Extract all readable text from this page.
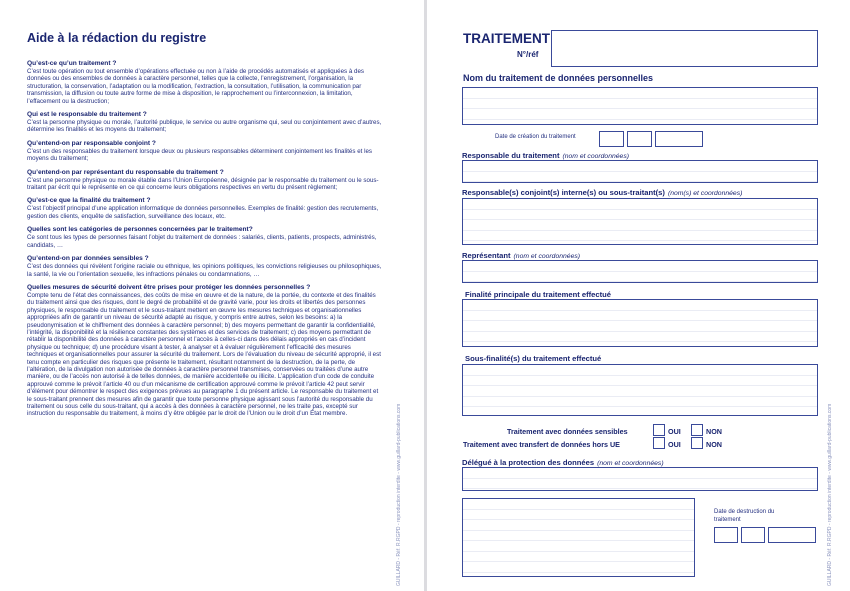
Aide à la rédaction du registre
Qu’est-ce qu’un traitement ?
C’est toute opération ou tout ensemble d’opérations effectuée ou non à l’aide de procédés automatisés et appliquées à des données ou des ensembles de données à caractère personnel, telles que la collecte, l’enregistrement, l’organisation, la structuration, la conservation, l’adaptation ou la modification, l’extraction, la consultation, l’utilisation, la communication par transmission, la diffusion ou toute autre forme de mise à disposition, le rapprochement ou l’interconnexion, la limitation, l’effacement ou la destruction;
Qui est le responsable du traitement ?
C’est la personne physique ou morale, l’autorité publique, le service ou autre organisme qui, seul ou conjointement avec d’autres, détermine les finalités et les moyens du traitement;
Qu’entend-on par responsable conjoint ?
C’est un des responsables du traitement lorsque deux ou plusieurs responsables déterminent conjointement les finalités et les moyens du traitement;
Qu’entend-on par représentant du responsable du traitement ?
C’est une personne physique ou morale établie dans l’Union Européenne, désignée par le responsable du traitement ou le sous-traitant par écrit qui le représente en ce qui concerne leurs obligations respectives en vertu du présent règlement;
Qu’est-ce que la finalité du traitement ?
C’est l’objectif principal d’une application informatique de données personnelles. Exemples de finalité: gestion des recrutements, gestion des clients, enquête de satisfaction, surveillance des locaux, etc.
Quelles sont les catégories de personnes concernées par le traitement?
Ce sont tous les types de personnes faisant l’objet du traitement de données : salariés, clients, patients, prospects, administrés, candidats, …
Qu’entend-on par données sensibles ?
C’est des données qui révèlent l’origine raciale ou ethnique, les opinions politiques, les convictions religieuses ou philosophiques, la santé, la vie ou l’orientation sexuelle, les infractions pénales ou condamnations, …
Quelles mesures de sécurité doivent être prises pour protéger les données personnelles ?
Compte tenu de l’état des connaissances, des coûts de mise en œuvre et de la nature, de la portée, du contexte et des finalités du traitement ainsi que des risques, dont le degré de probabilité et de gravité varie, pour les droits et libertés des personnes physiques, le responsable du traitement et le sous-traitant mettent en œuvre les mesures techniques et organisationnelles appropriées afin de garantir un niveau de sécurité adapté au risque, y compris entre autres, selon les besoins: a) la pseudonymisation et le chiffrement des données à caractère personnel; b) des moyens permettant de garantir la confidentialité, l’intégrité, la disponibilité et la résilience constantes des systèmes et des services de traitement; c) des moyens permettant de rétablir la disponibilité des données à caractère personnel et l’accès à celles-ci dans des délais appropriés en cas d’incident physique ou technique; d) une procédure visant à tester, à analyser et à évaluer régulièrement l’efficacité des mesures techniques et organisationnelles pour assurer la sécurité du traitement. Lors de l’évaluation du niveau de sécurité approprié, il est tenu compte en particulier des risques que présente le traitement, résultant notamment de la destruction, de la perte, de l’altération, de la divulgation non autorisée de données à caractère personnel transmises, conservées ou traitées d’une autre manière, ou de l’accès non autorisé à de telles données, de manière accidentelle ou illicite. L’application d’un code de conduite approuvé comme le prévoit l’article 40 ou d’un mécanisme de certification approuvé comme le prévoit l’article 42 peut servir d’élément pour démontrer le respect des exigences prévues au paragraphe 1 du présent article. Le responsable du traitement et le sous-traitant prennent des mesures afin de garantir que toute personne physique agissant sous l’autorité du responsable du traitement ou sous celle du sous-traitant, qui a accès à des données à caractère personnel, ne les traite pas, excepté sur instruction du responsable du traitement, à moins d’y être obligée par le droit de l’Union ou le droit d’un État membre.	GUILLARD - Réf. R.RGPD - reproduction interdite - www.guillard-publications.com
TRAITEMENT
N°/réf
Nom du traitement de données personnelles
Date de création du traitement
Responsable du traitement (nom et coordonnées)
Responsable(s) conjoint(s) interne(s) ou sous-traitant(s) (nom(s) et coordonnées)
Représentant (nom et coordonnées)
Finalité principale du traitement effectué
Sous-finalité(s) du traitement effectué
Traitement avec données sensibles	OUI	NON
Traitement avec transfert de données hors UE	OUI	NON
Délégué à la protection des données (nom et coordonnées)
Date de destruction du traitement	GUILLARD - Réf. R.RGPD - reproduction interdite - www.guillard-publications.com
